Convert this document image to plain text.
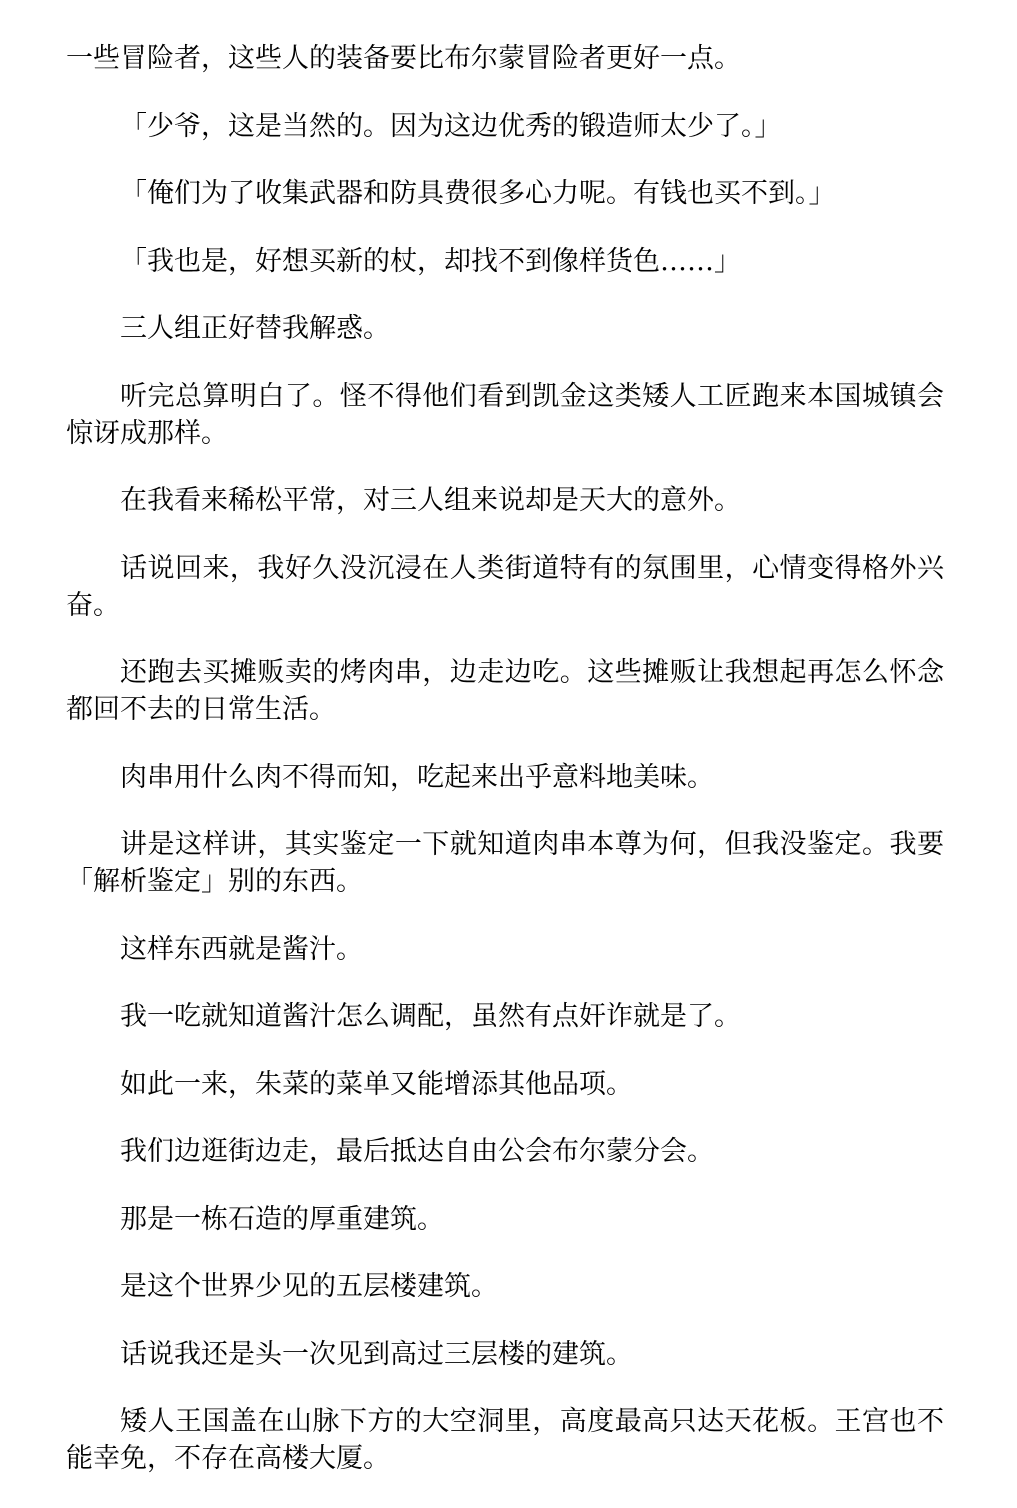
一些冒险者，这些人的装备要比布尔蒙冒险者更好一点。

「少爷，这是当然的。因为这边优秀的锻造师太少了。」

「俺们为了收集武器和防具费很多心力呢。有钱也买不到。」

「我也是，好想买新的杖，却找不到像样货色……」

三人组正好替我解惑。

听完总算明白了。怪不得他们看到凯金这类矮人工匠跑来本国城镇会惊讶成那样。

在我看来稀松平常，对三人组来说却是天大的意外。

话说回来，我好久没沉浸在人类街道特有的氛围里，心情变得格外兴奋。

还跑去买摊贩卖的烤肉串，边走边吃。这些摊贩让我想起再怎么怀念都回不去的日常生活。

肉串用什么肉不得而知，吃起来出乎意料地美味。

讲是这样讲，其实鉴定一下就知道肉串本尊为何，但我没鉴定。我要「解析鉴定」别的东西。

这样东西就是酱汁。

我一吃就知道酱汁怎么调配，虽然有点奸诈就是了。

如此一来，朱菜的菜单又能增添其他品项。

我们边逛街边走，最后抵达自由公会布尔蒙分会。

那是一栋石造的厚重建筑。

是这个世界少见的五层楼建筑。

话说我还是头一次见到高过三层楼的建筑。

矮人王国盖在山脉下方的大空洞里，高度最高只达天花板。王宫也不能幸免，不存在高楼大厦。
